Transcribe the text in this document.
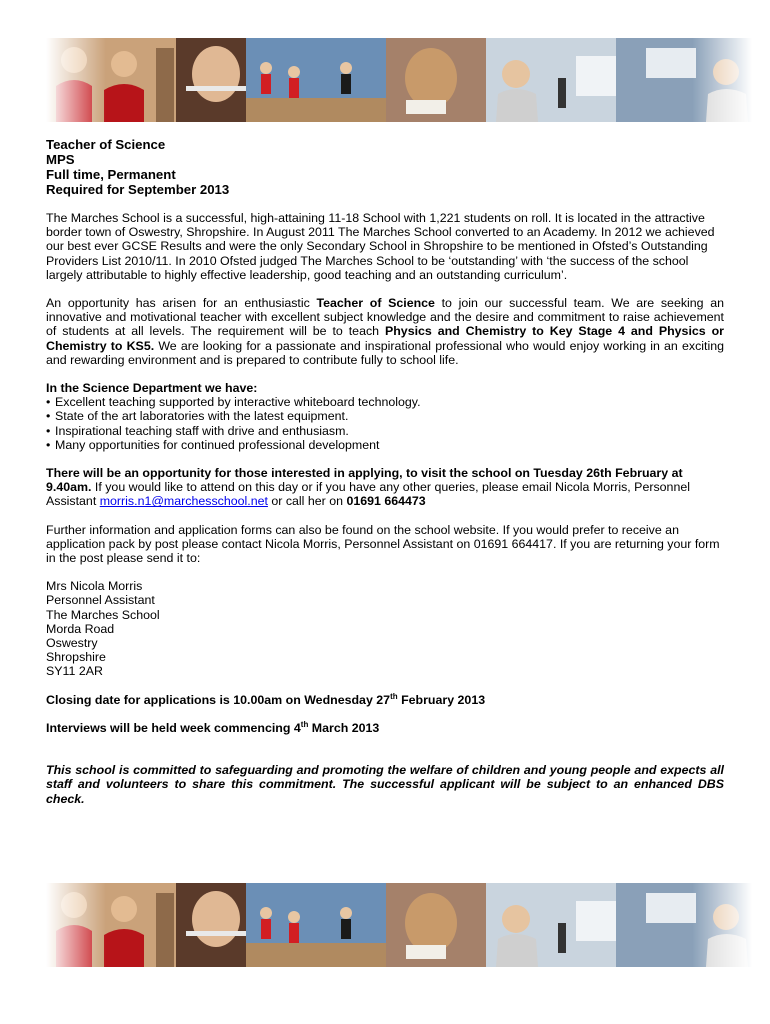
Teacher of Science
MPS
Full time, Permanent
Required for September 2013

The Marches School is a successful, high-attaining 11-18 School with 1,221 students on roll. It is located in the attractive border town of Oswestry, Shropshire. In August 2011 The Marches School converted to an Academy. In 2012 we achieved our best ever GCSE Results and were the only Secondary School in Shropshire to be mentioned in Ofsted’s Outstanding Providers List 2010/11. In 2010 Ofsted judged The Marches School to be ‘outstanding’ with ‘the success of the school largely attributable to highly effective leadership, good teaching and an outstanding curriculum’.

An opportunity has arisen for an enthusiastic Teacher of Science to join our successful team. We are seeking an innovative and motivational teacher with excellent subject knowledge and the desire and commitment to raise achievement of students at all levels. The requirement will be to teach Physics and Chemistry to Key Stage 4 and Physics or Chemistry to KS5. We are looking for a passionate and inspirational professional who would enjoy working in an exciting and rewarding environment and is prepared to contribute fully to school life.

In the Science Department we have:
• Excellent teaching supported by interactive whiteboard technology.
• State of the art laboratories with the latest equipment.
• Inspirational teaching staff with drive and enthusiasm.
• Many opportunities for continued professional development

There will be an opportunity for those interested in applying, to visit the school on Tuesday 26th February at 9.40am. If you would like to attend on this day or if you have any other queries, please email Nicola Morris, Personnel Assistant morris.n1@marchesschool.net or call her on 01691 664473

Further information and application forms can also be found on the school website. If you would prefer to receive an application pack by post please contact Nicola Morris, Personnel Assistant on 01691 664417. If you are returning your form in the post please send it to:

Mrs Nicola Morris

Personnel Assistant

The Marches School

Morda Road

Oswestry

Shropshire

SY11 2AR

Closing date for applications is 10.00am on Wednesday 27th February 2013

Interviews will be held week commencing 4th March 2013

This school is committed to safeguarding and promoting the welfare of children and young people and expects all staff and volunteers to share this commitment. The successful applicant will be subject to an enhanced DBS check.
